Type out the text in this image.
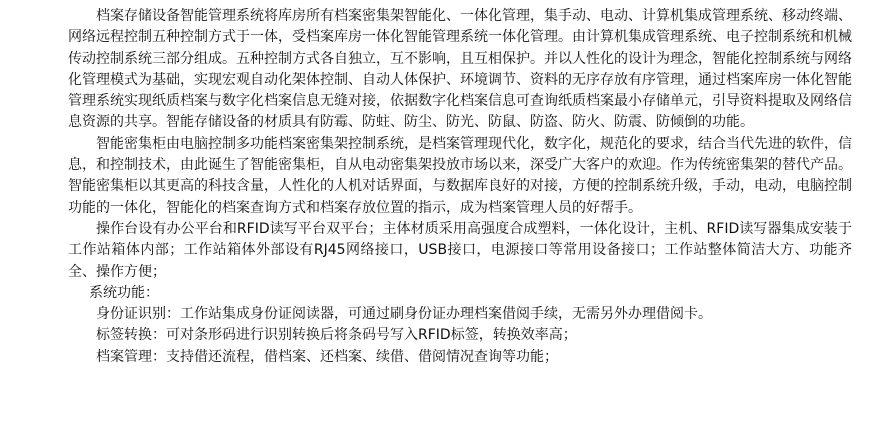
档案存储设备智能管理系统将库房所有档案密集架智能化、一体化管理，集手动、电动、计算机集成管理系统、移动终端、网络远程控制五种控制方式于一体，受档案库房一体化智能管理系统一体化管理。由计算机集成管理系统、电子控制系统和机械传动控制系统三部分组成。五种控制方式各自独立，互不影响，且互相保护。并以人性化的设计为理念，智能化控制系统与网络化管理模式为基础，实现宏观自动化架体控制、自动人体保护、环境调节、资料的无序存放有序管理，通过档案库房一体化智能管理系统实现纸质档案与数字化档案信息无缝对接，依据数字化档案信息可查询纸质档案最小存储单元，引导资料提取及网络信息资源的共享。智能存储设备的材质具有防霉、防蛀、防尘、防光、防鼠、防盗、防火、防震、防倾倒的功能。

智能密集柜由电脑控制多功能档案密集架控制系统，是档案管理现代化，数字化，规范化的要求，结合当代先进的软件，信息，和控制技术，由此诞生了智能密集柜，自从电动密集架投放市场以来，深受广大客户的欢迎。作为传统密集架的替代产品。 智能密集柜以其更高的科技含量，人性化的人机对话界面，与数据库良好的对接，方便的控制系统升级，手动，电动，电脑控制功能的一体化，智能化的档案查询方式和档案存放位置的指示，成为档案管理人员的好帮手。

操作台设有办公平台和RFID读写平台双平台；主体材质采用高强度合成塑料，一体化设计，主机、RFID读写器集成安装于工作站箱体内部；工作站箱体外部设有RJ45网络接口，USB接口，电源接口等常用设备接口；工作站整体简洁大方、功能齐全、操作方便；

系统功能：

身份证识别：工作站集成身份证阅读器，可通过刷身份证办理档案借阅手续，无需另外办理借阅卡。

标签转换：可对条形码进行识别转换后将条码号写入RFID标签，转换效率高；

档案管理：支持借还流程，借档案、还档案、续借、借阅情况查询等功能；
